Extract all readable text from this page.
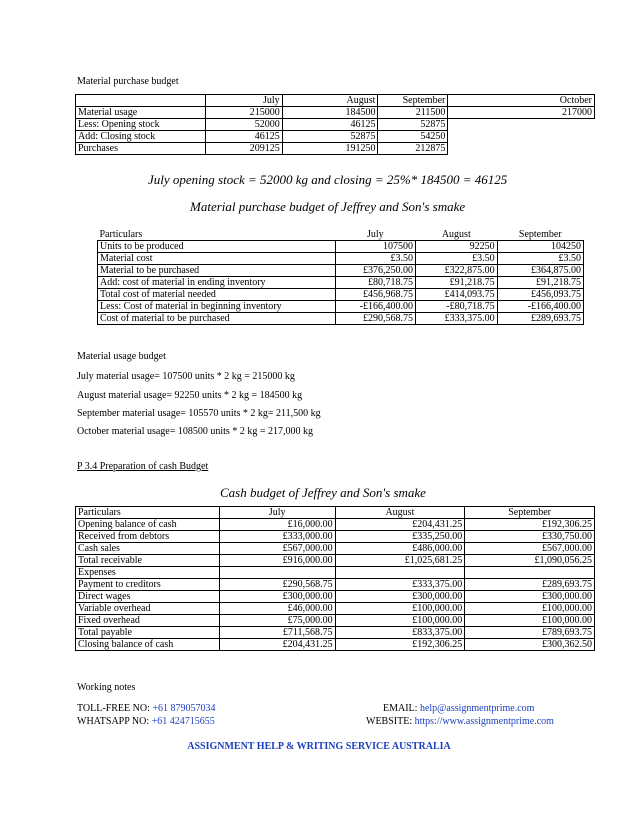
Material purchase budget
	July	August	September	October
Material usage	215000	184500	211500	217000
Less: Opening stock	52000	46125	52875	
Add: Closing stock	46125	52875	54250	
Purchases	209125	191250	212875	
July opening stock = 52000 kg and closing = 25%* 184500 = 46125
Material purchase budget of Jeffrey and Son's smake
Particulars	July	August	September
Units to be produced	107500	92250	104250
Material cost	£3.50	£3.50	£3.50
Material to be purchased	£376,250.00	£322,875.00	£364,875.00
Add: cost of material in ending inventory	£80,718.75	£91,218.75	£91,218.75
Total cost of material needed	£456,968.75	£414,093.75	£456,093.75
Less: Cost of material in beginning inventory	-£166,400.00	-£80,718.75	-£166,400.00
Cost of material to be purchased	£290,568.75	£333,375.00	£289,693.75
Material usage budget
July material usage= 107500 units * 2 kg = 215000 kg
August material usage= 92250 units * 2 kg = 184500 kg
September material usage= 105570 units * 2 kg= 211,500 kg
October material usage= 108500 units * 2 kg = 217,000 kg
P 3.4 Preparation of cash Budget
Cash budget of Jeffrey and Son's smake
Particulars	July	August	September
Opening balance of cash	£16,000.00	£204,431.25	£192,306.25
Received from debtors	£333,000.00	£335,250.00	£330,750.00
Cash sales	£567,000.00	£486,000.00	£567,000.00
Total receivable	£916,000.00	£1,025,681.25	£1,090,056.25
Expenses			
Payment to creditors	£290,568.75	£333,375.00	£289,693.75
Direct wages	£300,000.00	£300,000.00	£300,000.00
Variable overhead	£46,000.00	£100,000.00	£100,000.00
Fixed overhead	£75,000.00	£100,000.00	£100,000.00
Total payable	£711,568.75	£833,375.00	£789,693.75
Closing balance of cash	£204,431.25	£192,306.25	£300,362.50
Working notes
TOLL-FREE NO: +61 879057034
WHATSAPP NO: +61 424715655
EMAIL: help@assignmentprime.com
WEBSITE: https://www.assignmentprime.com
ASSIGNMENT HELP & WRITING SERVICE AUSTRALIA
